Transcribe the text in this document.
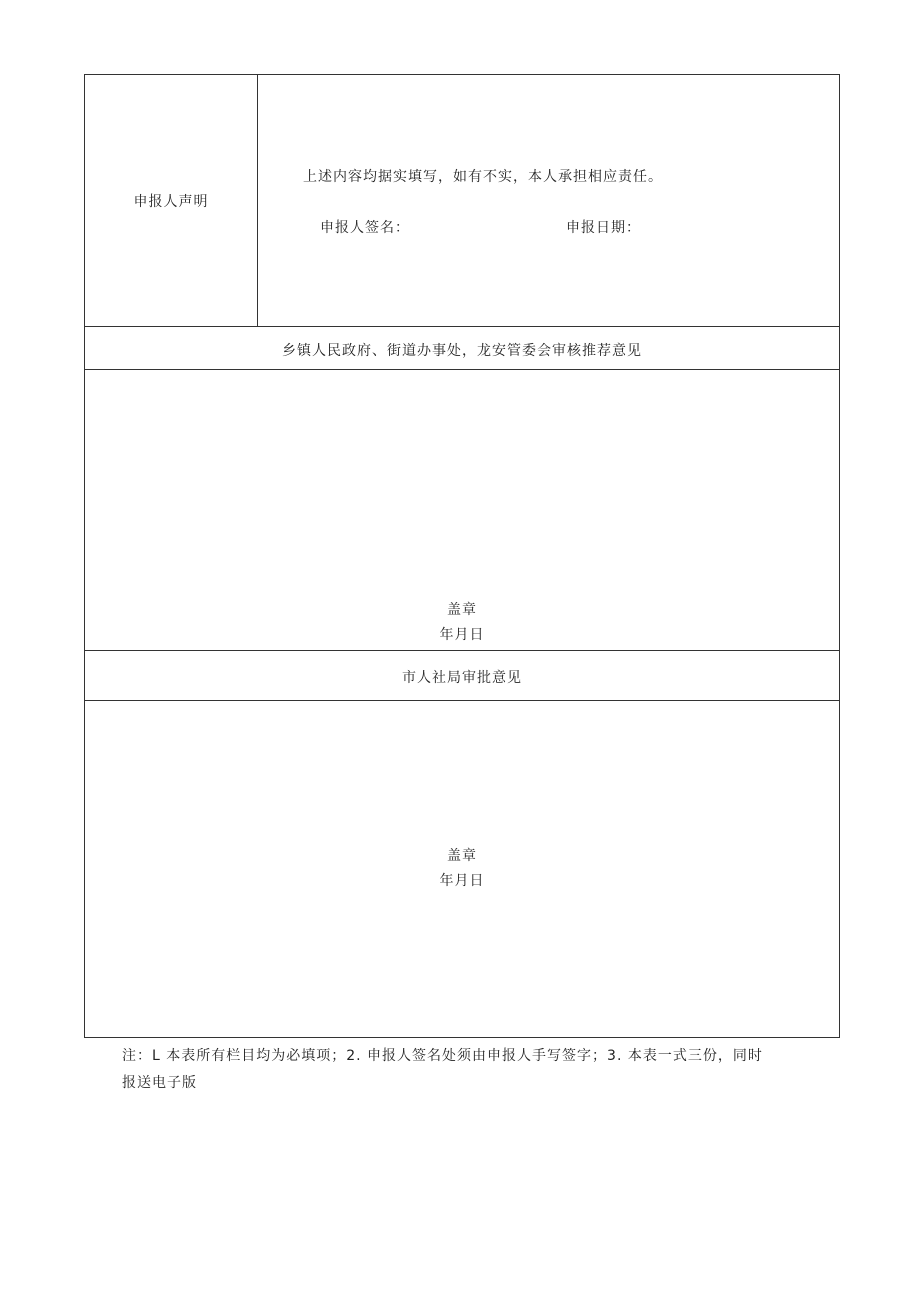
申报人声明
上述内容均据实填写，如有不实，本人承担相应责任。
申报人签名：	申报日期：
乡镇人民政府、街道办事处，龙安管委会审核推荐意见
盖章
年月日
市人社局审批意见
盖章
年月日
注：L 本表所有栏目均为必填项；2. 申报人签名处须由申报人手写签字；3. 本表一式三份，同时
报送电子版
